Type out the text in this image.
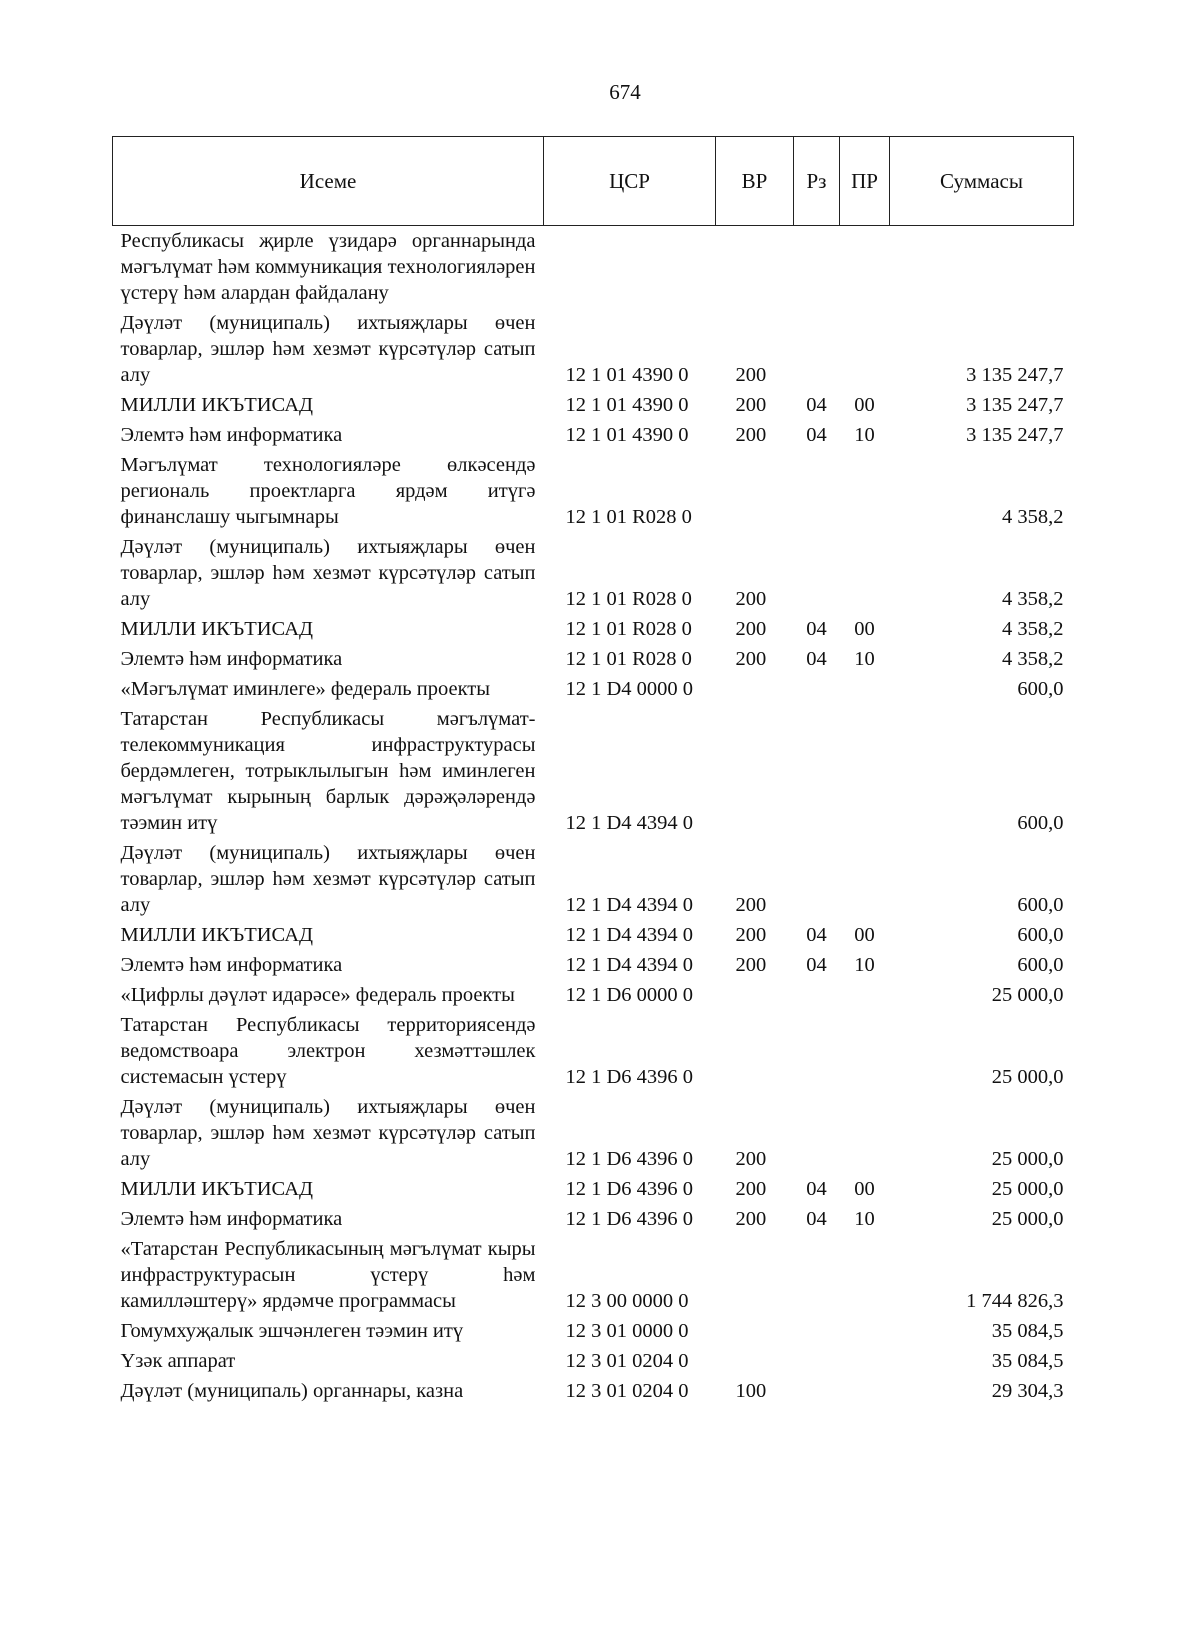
674
Исеме	ЦСР	ВР	Рз	ПР	Суммасы
Республикасы җирле үзидарә органнарында мәгълүмат һәм коммуникация технологияләрен үстерү һәм алардан файдалану					
Дәүләт (муниципаль) ихтыяҗлары өчен товарлар, эшләр һәм хезмәт күрсәтүләр сатып алу	12 1 01 4390 0	200			3 135 247,7
МИЛЛИ ИКЪТИСАД	12 1 01 4390 0	200	04	00	3 135 247,7
Элемтә һәм информатика	12 1 01 4390 0	200	04	10	3 135 247,7
Мәгълүмат технологияләре өлкәсендә региональ проектларга ярдәм итүгә финанслашу чыгымнары	12 1 01 R028 0				4 358,2
Дәүләт (муниципаль) ихтыяҗлары өчен товарлар, эшләр һәм хезмәт күрсәтүләр сатып алу	12 1 01 R028 0	200			4 358,2
МИЛЛИ ИКЪТИСАД	12 1 01 R028 0	200	04	00	4 358,2
Элемтә һәм информатика	12 1 01 R028 0	200	04	10	4 358,2
«Мәгълүмат иминлеге» федераль проекты	12 1 D4 0000 0				600,0
Татарстан Республикасы мәгълүмат-телекоммуникация инфраструктурасы бердәмлеген, тотрыклылыгын һәм иминлеген мәгълүмат кырының барлык дәрәҗәләрендә тәэмин итү	12 1 D4 4394 0				600,0
Дәүләт (муниципаль) ихтыяҗлары өчен товарлар, эшләр һәм хезмәт күрсәтүләр сатып алу	12 1 D4 4394 0	200			600,0
МИЛЛИ ИКЪТИСАД	12 1 D4 4394 0	200	04	00	600,0
Элемтә һәм информатика	12 1 D4 4394 0	200	04	10	600,0
«Цифрлы дәүләт идарәсе» федераль проекты	12 1 D6 0000 0				25 000,0
Татарстан Республикасы территориясендә ведомствоара электрон хезмәттәшлек системасын үстерү	12 1 D6 4396 0				25 000,0
Дәүләт (муниципаль) ихтыяҗлары өчен товарлар, эшләр һәм хезмәт күрсәтүләр сатып алу	12 1 D6 4396 0	200			25 000,0
МИЛЛИ ИКЪТИСАД	12 1 D6 4396 0	200	04	00	25 000,0
Элемтә һәм информатика	12 1 D6 4396 0	200	04	10	25 000,0
«Татарстан Республикасының мәгълүмат кыры инфраструктурасын үстерү һәм камилләштерү» ярдәмче программасы	12 3 00 0000 0				1 744 826,3
Гомумхуҗалык эшчәнлеген тәэмин итү	12 3 01 0000 0				35 084,5
Үзәк аппарат	12 3 01 0204 0				35 084,5
Дәүләт (муниципаль) органнары, казна	12 3 01 0204 0	100			29 304,3
